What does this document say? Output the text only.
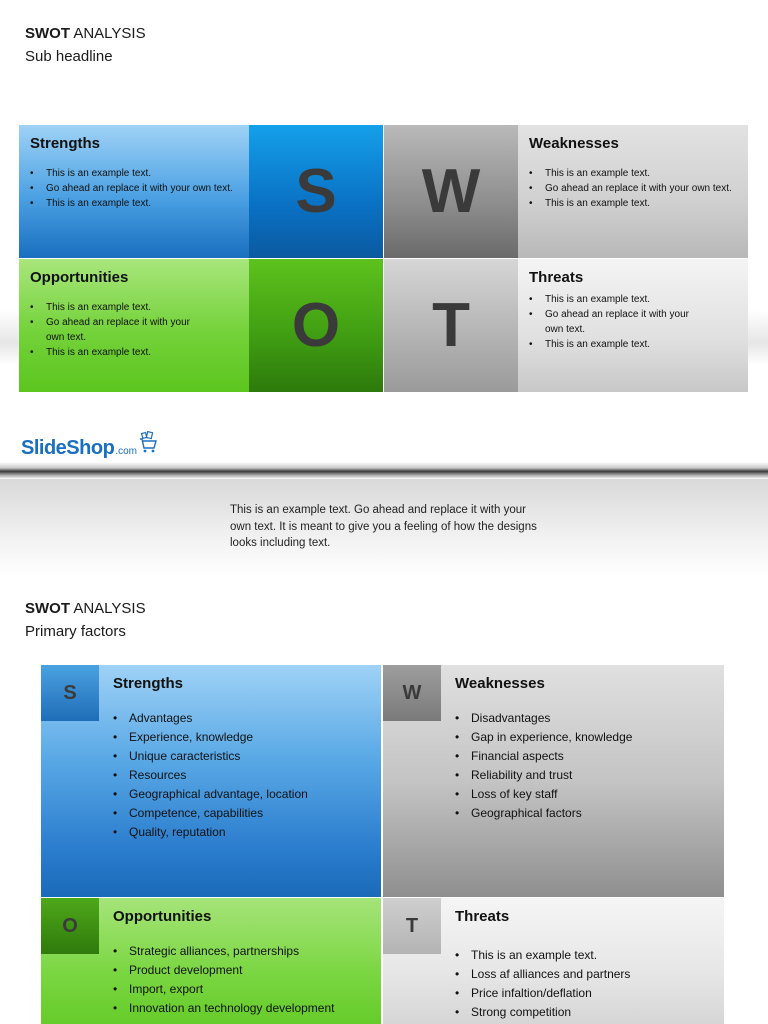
SWOT ANALYSIS
Sub headline
Strengths
• This is an example text.
• Go ahead an replace it with your own text.
• This is an example text.	S	W
Weaknesses
• This is an example text.
• Go ahead an replace it with your own text.
• This is an example text.
Opportunities
• This is an example text.
• Go ahead an replace it with your own text.
• This is an example text.	O	T
Threats
• This is an example text.
• Go ahead an replace it with your own text.
• This is an example text.
SlideShop .com
This is an example text. Go ahead and replace it with your own text. It is meant to give you a feeling of how the designs looks including text.
SWOT ANALYSIS
Primary factors
S	Strengths
• Advantages
• Experience, knowledge
• Unique caracteristics
• Resources
• Geographical advantage, location
• Competence, capabilities
• Quality, reputation
W	Weaknesses
• Disadvantages
• Gap in experience, knowledge
• Financial aspects
• Reliability and trust
• Loss of key staff
• Geographical factors
O	Opportunities
• Strategic alliances, partnerships
• Product development
• Import, export
• Innovation an technology development
T	Threats
• This is an example text.
• Loss af alliances and partners
• Price infaltion/deflation
• Strong competition
